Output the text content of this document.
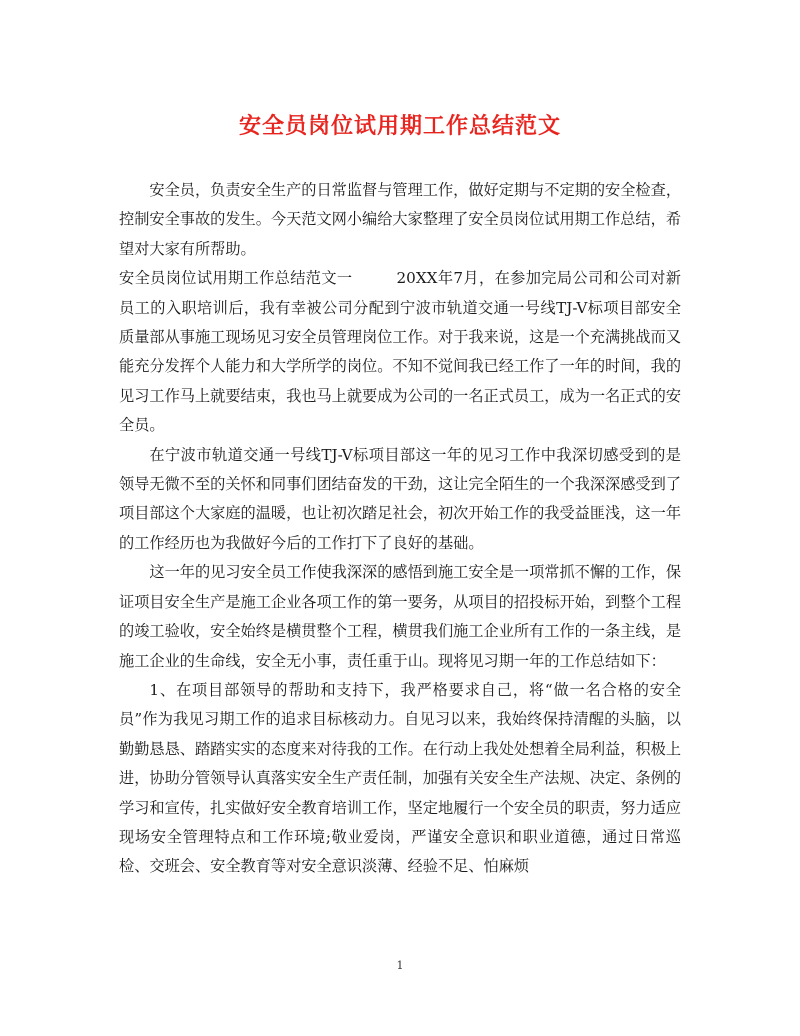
安全员岗位试用期工作总结范文

安全员，负责安全生产的日常监督与管理工作，做好定期与不定期的安全检查，控制安全事故的发生。今天范文网小编给大家整理了安全员岗位试用期工作总结，希望对大家有所帮助。

安全员岗位试用期工作总结范文一	20XX年7月，在参加完局公司和公司对新员工的入职培训后，我有幸被公司分配到宁波市轨道交通一号线TJ-V标项目部安全质量部从事施工现场见习安全员管理岗位工作。对于我来说，这是一个充满挑战而又能充分发挥个人能力和大学所学的岗位。不知不觉间我已经工作了一年的时间，我的见习工作马上就要结束，我也马上就要成为公司的一名正式员工，成为一名正式的安全员。

在宁波市轨道交通一号线TJ-V标项目部这一年的见习工作中我深切感受到的是领导无微不至的关怀和同事们团结奋发的干劲，这让完全陌生的一个我深深感受到了项目部这个大家庭的温暖，也让初次踏足社会，初次开始工作的我受益匪浅，这一年的工作经历也为我做好今后的工作打下了良好的基础。

这一年的见习安全员工作使我深深的感悟到施工安全是一项常抓不懈的工作，保证项目安全生产是施工企业各项工作的第一要务，从项目的招投标开始，到整个工程的竣工验收，安全始终是横贯整个工程，横贯我们施工企业所有工作的一条主线，是施工企业的生命线，安全无小事，责任重于山。现将见习期一年的工作总结如下：

1、在项目部领导的帮助和支持下，我严格要求自己，将“做一名合格的安全员”作为我见习期工作的追求目标核动力。自见习以来，我始终保持清醒的头脑，以勤勤恳恳、踏踏实实的态度来对待我的工作。在行动上我处处想着全局利益，积极上进，协助分管领导认真落实安全生产责任制，加强有关安全生产法规、决定、条例的学习和宣传，扎实做好安全教育培训工作，坚定地履行一个安全员的职责，努力适应现场安全管理特点和工作环境;敬业爱岗，严谨安全意识和职业道德，通过日常巡检、交班会、安全教育等对安全意识淡薄、经验不足、怕麻烦

1
